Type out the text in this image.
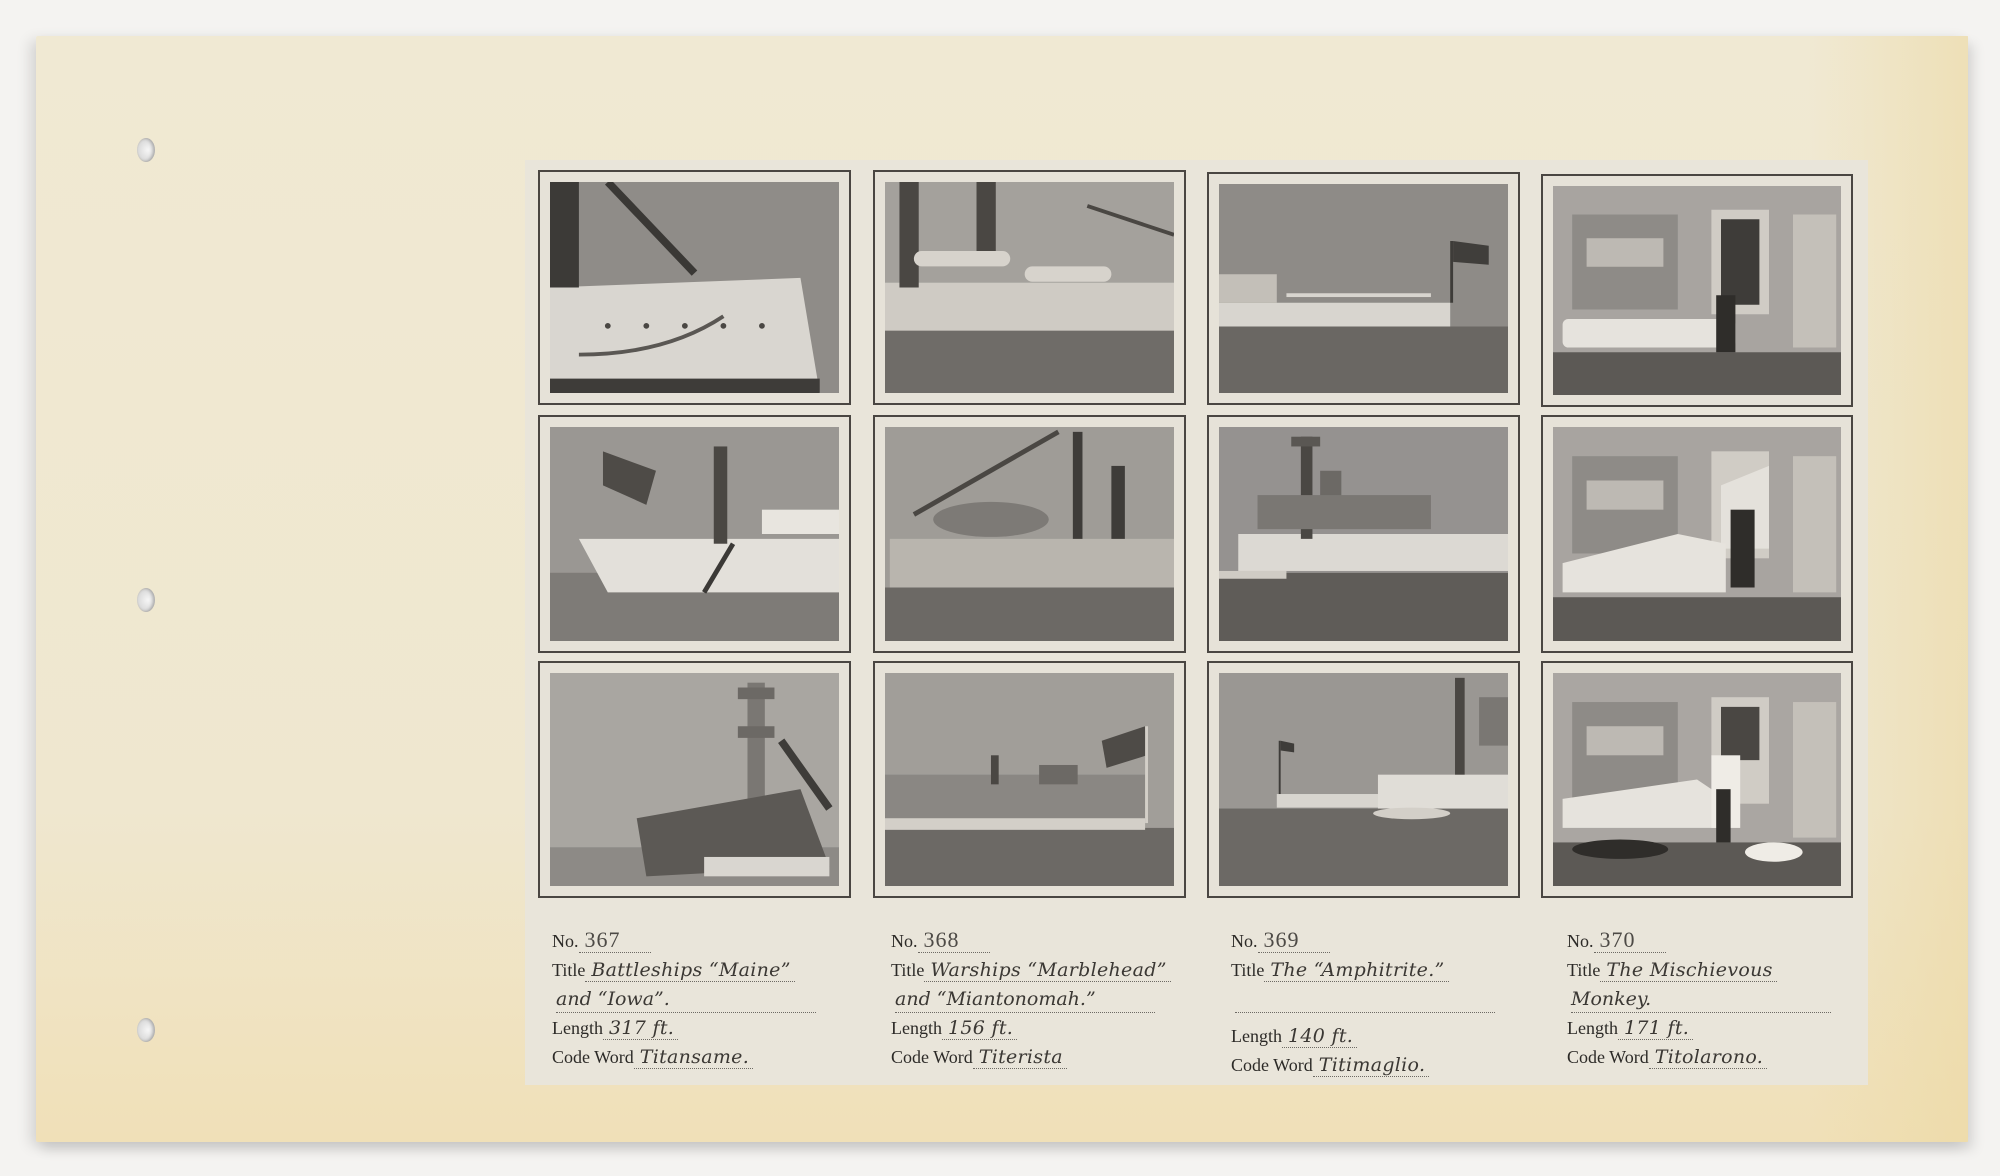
No. 367
Title Battleships “Maine”
and “Iowa”.
Length 317 ft.
Code Word Titansame.
No. 368
Title Warships “Marblehead”
and “Miantonomah.”
Length 156 ft.
Code Word Titerista
No. 369
Title The “Amphitrite.”
Length 140 ft.
Code Word Titimaglio.
No. 370
Title The Mischievous
Monkey.
Length 171 ft.
Code Word Titolarono.
